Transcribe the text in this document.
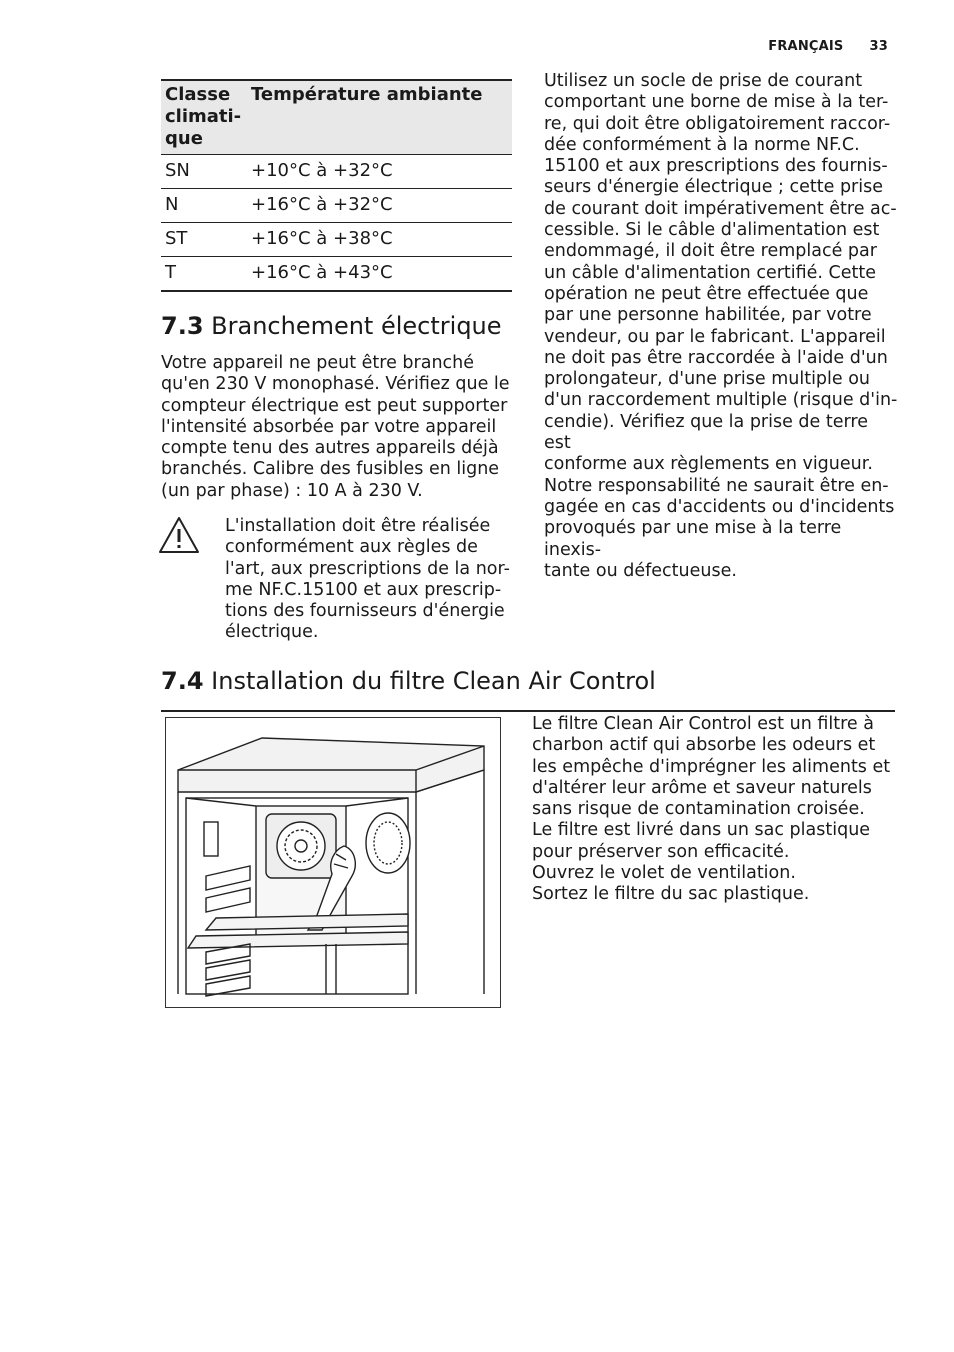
FRANÇAIS 33
Classe
climati-
que	Température ambiante
SN	+10°C à +32°C
N	+16°C à +32°C
ST	+16°C à +38°C
T	+16°C à +43°C
7.3 Branchement électrique
Votre appareil ne peut être branché
qu'en 230 V monophasé. Vérifiez que le
compteur électrique est peut supporter
l'intensité absorbée par votre appareil
compte tenu des autres appareils déjà
branchés. Calibre des fusibles en ligne
(un par phase) : 10 A à 230 V.
L'installation doit être réalisée
conformément aux règles de
l'art, aux prescriptions de la nor-
me NF.C.15100 et aux prescrip-
tions des fournisseurs d'énergie
électrique.
Utilisez un socle de prise de courant
comportant une borne de mise à la ter-
re, qui doit être obligatoirement raccor-
dée conformément à la norme NF.C.
15100 et aux prescriptions des fournis-
seurs d'énergie électrique ; cette prise
de courant doit impérativement être ac-
cessible. Si le câble d'alimentation est
endommagé, il doit être remplacé par
un câble d'alimentation certifié. Cette
opération ne peut être effectuée que
par une personne habilitée, par votre
vendeur, ou par le fabricant. L'appareil
ne doit pas être raccordée à l'aide d'un
prolongateur, d'une prise multiple ou
d'un raccordement multiple (risque d'in-
cendie). Vérifiez que la prise de terre est
conforme aux règlements en vigueur.
Notre responsabilité ne saurait être en-
gagée en cas d'accidents ou d'incidents
provoqués par une mise à la terre inexis-
tante ou défectueuse.
7.4 Installation du filtre Clean Air Control
Le filtre Clean Air Control est un filtre à
charbon actif qui absorbe les odeurs et
les empêche d'imprégner les aliments et
d'altérer leur arôme et saveur naturels
sans risque de contamination croisée.
Le filtre est livré dans un sac plastique
pour préserver son efficacité.
Ouvrez le volet de ventilation.
Sortez le filtre du sac plastique.
